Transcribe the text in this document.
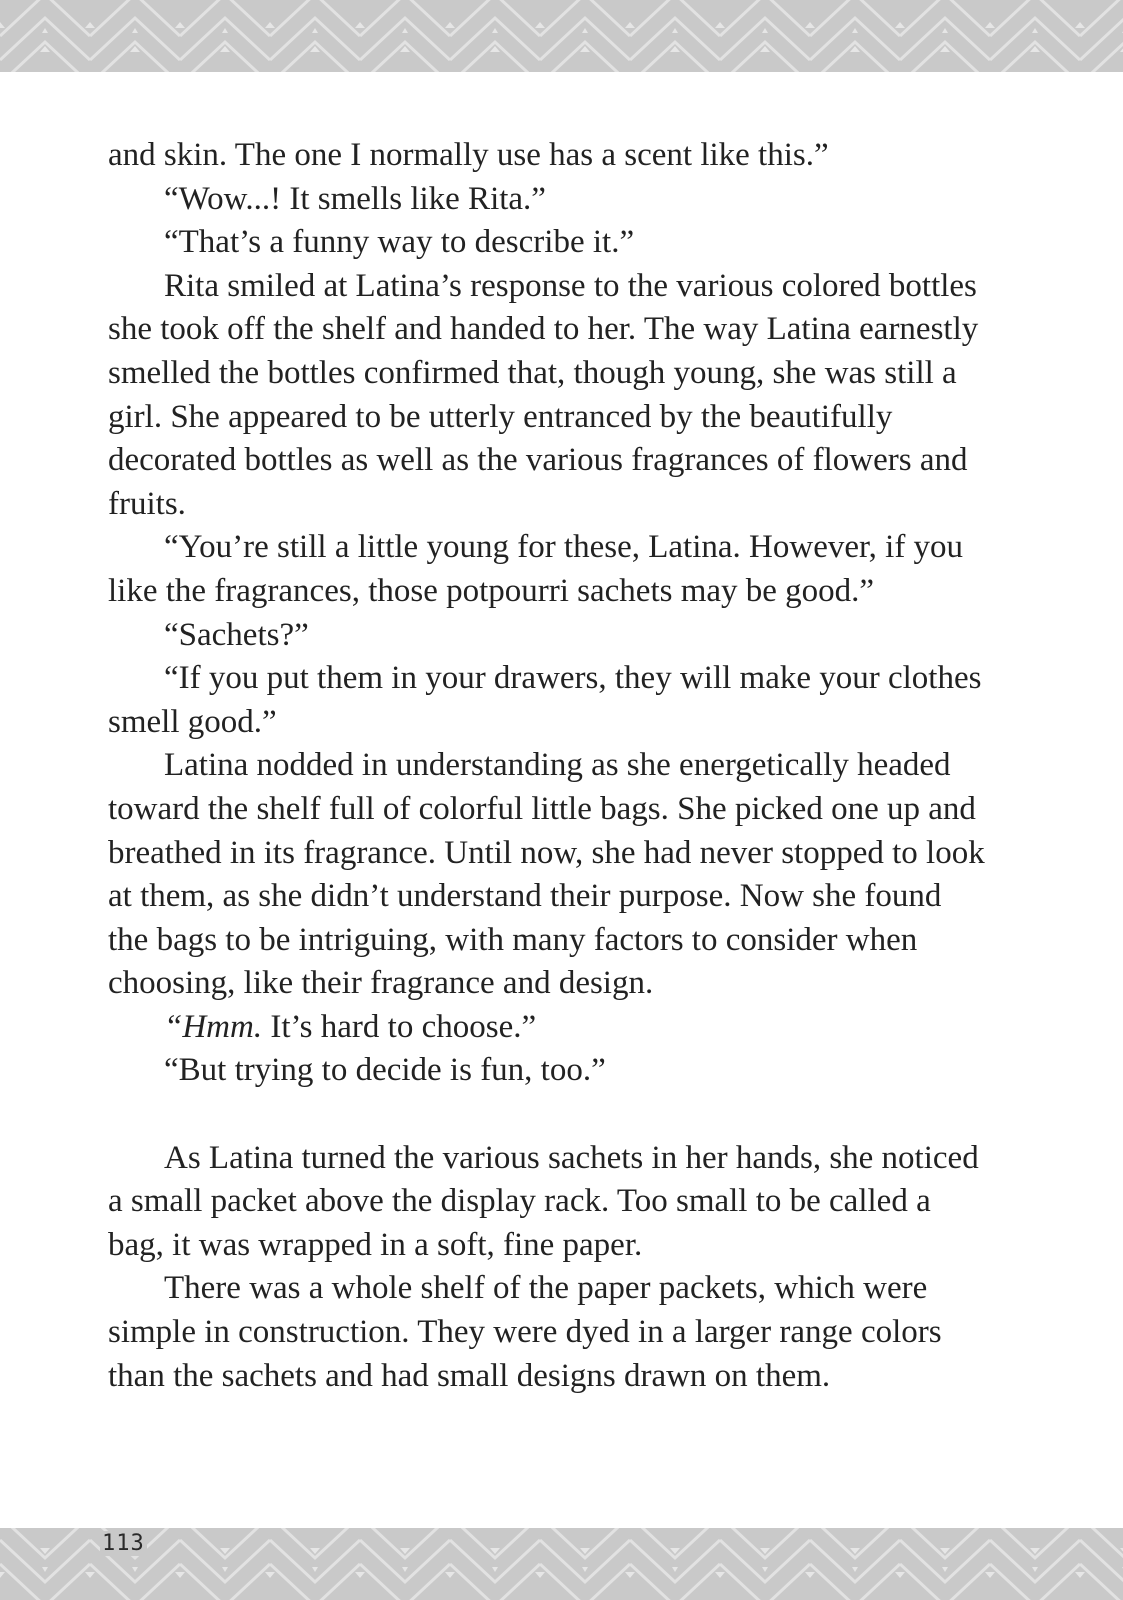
and skin. The one I normally use has a scent like this.”

“Wow...! It smells like Rita.”

“That’s a funny way to describe it.”

Rita smiled at Latina’s response to the various colored bottles she took off the shelf and handed to her. The way Latina earnestly smelled the bottles confirmed that, though young, she was still a girl. She appeared to be utterly entranced by the beautifully decorated bottles as well as the various fragrances of flowers and fruits.

“You’re still a little young for these, Latina. However, if you like the fragrances, those potpourri sachets may be good.”

“Sachets?”

“If you put them in your drawers, they will make your clothes smell good.”

Latina nodded in understanding as she energetically headed toward the shelf full of colorful little bags. She picked one up and breathed in its fragrance. Until now, she had never stopped to look at them, as she didn’t understand their purpose. Now she found the bags to be intriguing, with many factors to consider when choosing, like their fragrance and design.

“Hmm. It’s hard to choose.”

“But trying to decide is fun, too.”

As Latina turned the various sachets in her hands, she noticed a small packet above the display rack. Too small to be called a bag, it was wrapped in a soft, fine paper.

There was a whole shelf of the paper packets, which were simple in construction. They were dyed in a larger range colors than the sachets and had small designs drawn on them.

113
